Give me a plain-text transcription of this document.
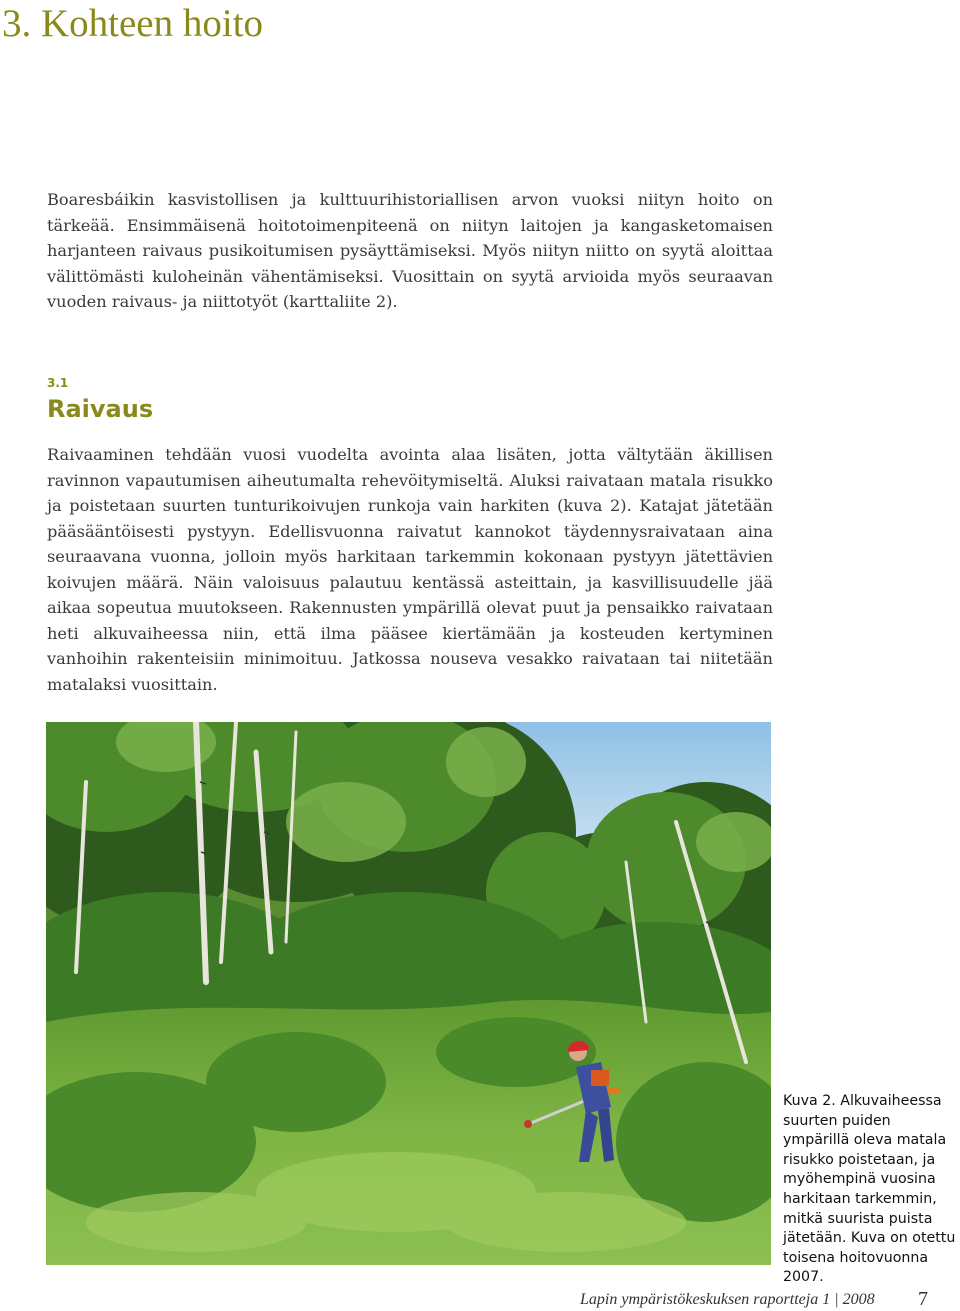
3. Kohteen hoito

Boaresbáikin kasvistollisen ja kulttuurihistoriallisen arvon vuoksi niityn hoito on tärkeää. Ensimmäisenä hoitotoimenpiteenä on niityn laitojen ja kangasketomaisen harjanteen raivaus pusikoitumisen pysäyttämiseksi. Myös niityn niitto on syytä aloittaa välittömästi kuloheinän vähentämiseksi. Vuosittain on syytä arvioida myös seuraavan vuoden raivaus- ja niittotyöt (karttaliite 2).

3.1
Raivaus

Raivaaminen tehdään vuosi vuodelta avointa alaa lisäten, jotta vältytään äkillisen ravinnon vapautumisen aiheutumalta rehevöitymiseltä. Aluksi raivataan matala risukko ja poistetaan suurten tunturikoivujen runkoja vain harkiten (kuva 2). Katajat jätetään pääsääntöisesti pystyyn. Edellisvuonna raivatut kannokot täydennysraivataan aina seuraavana vuonna, jolloin myös harkitaan tarkemmin kokonaan pystyyn jätettävien koivujen määrä. Näin valoisuus palautuu kentässä asteittain, ja kasvillisuudelle jää aikaa sopeutua muutokseen. Rakennusten ympärillä olevat puut ja pensaikko raivataan heti alkuvaiheessa niin, että ilma pääsee kiertämään ja kosteuden kertyminen vanhoihin rakenteisiin minimoituu. Jatkossa nouseva vesakko raivataan tai niitetään matalaksi vuosittain.

Kuva 2. Alkuvaiheessa suurten puiden ympärillä oleva matala risukko poistetaan, ja myöhempinä vuosina harkitaan tarkemmin, mitkä suurista puista jätetään. Kuva on otettu toisena hoitovuonna 2007.

Lapin ympäristökeskuksen raportteja 1 | 2008 7
